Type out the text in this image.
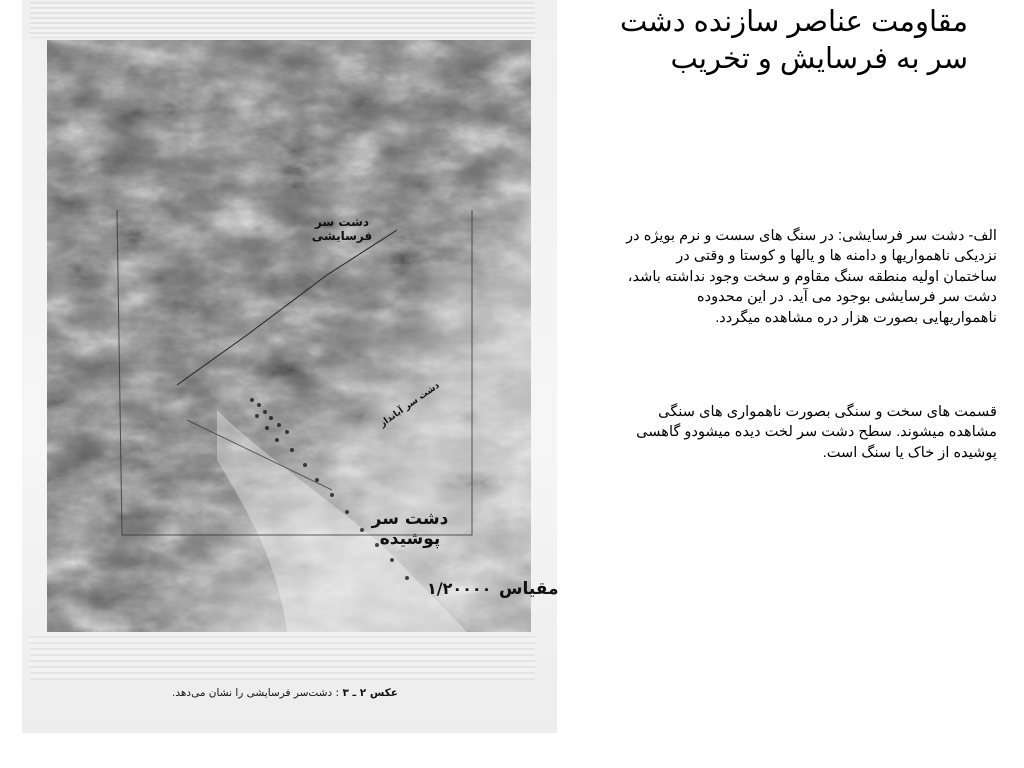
دشت سر فرسایشی
دشت سر آبانداز
دشت سر پوشیده
مقیاس
۱/۲۰۰۰۰
عکس ۲ ـ ۳ : دشت‌سر فرسایشی را نشان می‌دهد.
مقاومت عناصر سازنده دشت سر به فرسایش و تخریب

الف- دشت سر فرسایشی: در سنگ های سست و نرم بویژه در نزدیکی ناهمواریها و دامنه ها و یالها و کوستا و وقتی در ساختمان اولیه منطقه سنگ مقاوم و سخت وجود نداشته باشد، دشت سر فرسایشی بوجود می آید. در این محدوده ناهمواریهایی بصورت هزار دره مشاهده میگردد.

قسمت های سخت و سنگی بصورت ناهمواری های سنگی مشاهده میشوند. سطح دشت سر لخت دیده میشودو گاهسی پوشیده از خاک یا سنگ است.
